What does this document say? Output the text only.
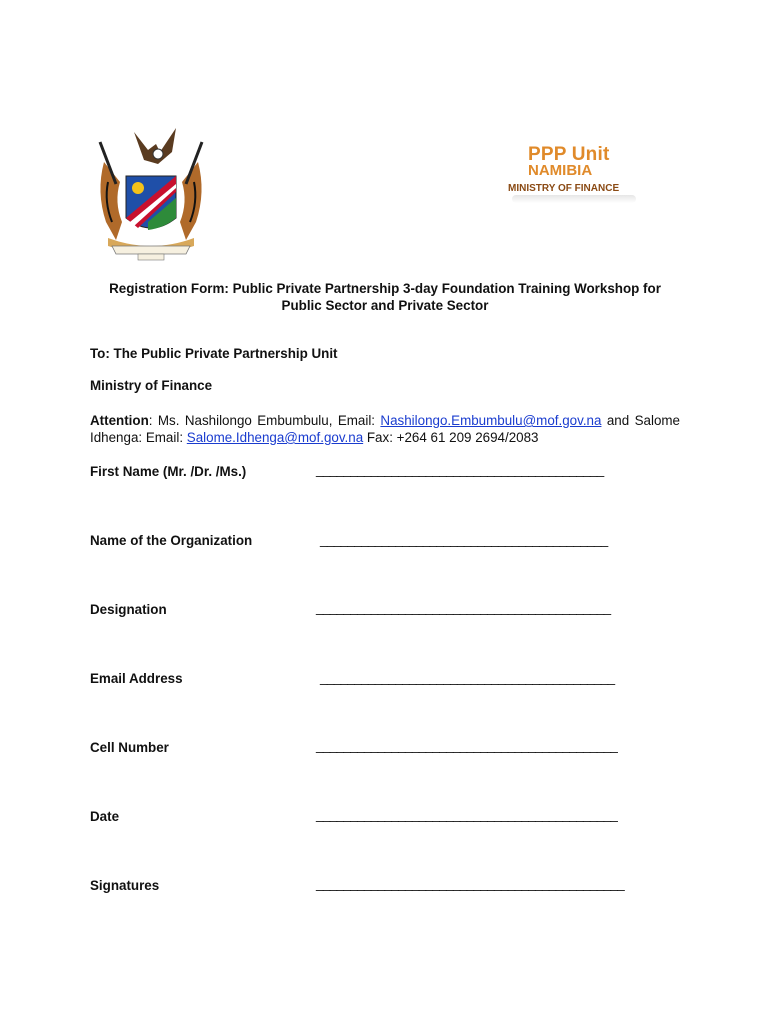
PPP Unit
NAMIBIA
MINISTRY OF FINANCE
Registration Form: Public Private Partnership 3-day Foundation Training Workshop for
Public Sector and Private Sector
To: The Public Private Partnership Unit
Ministry of Finance
Attention: Ms. Nashilongo Embumbulu, Email: Nashilongo.Embumbulu@mof.gov.na and Salome Idhenga: Email: Salome.Idhenga@mof.gov.na Fax: +264 61 209 2694/2083
First Name (Mr. /Dr. /Ms.)	__________________________________________
Name of the Organization	__________________________________________
Designation	___________________________________________
Email Address	___________________________________________
Cell Number	____________________________________________
Date	____________________________________________
Signatures	_____________________________________________
